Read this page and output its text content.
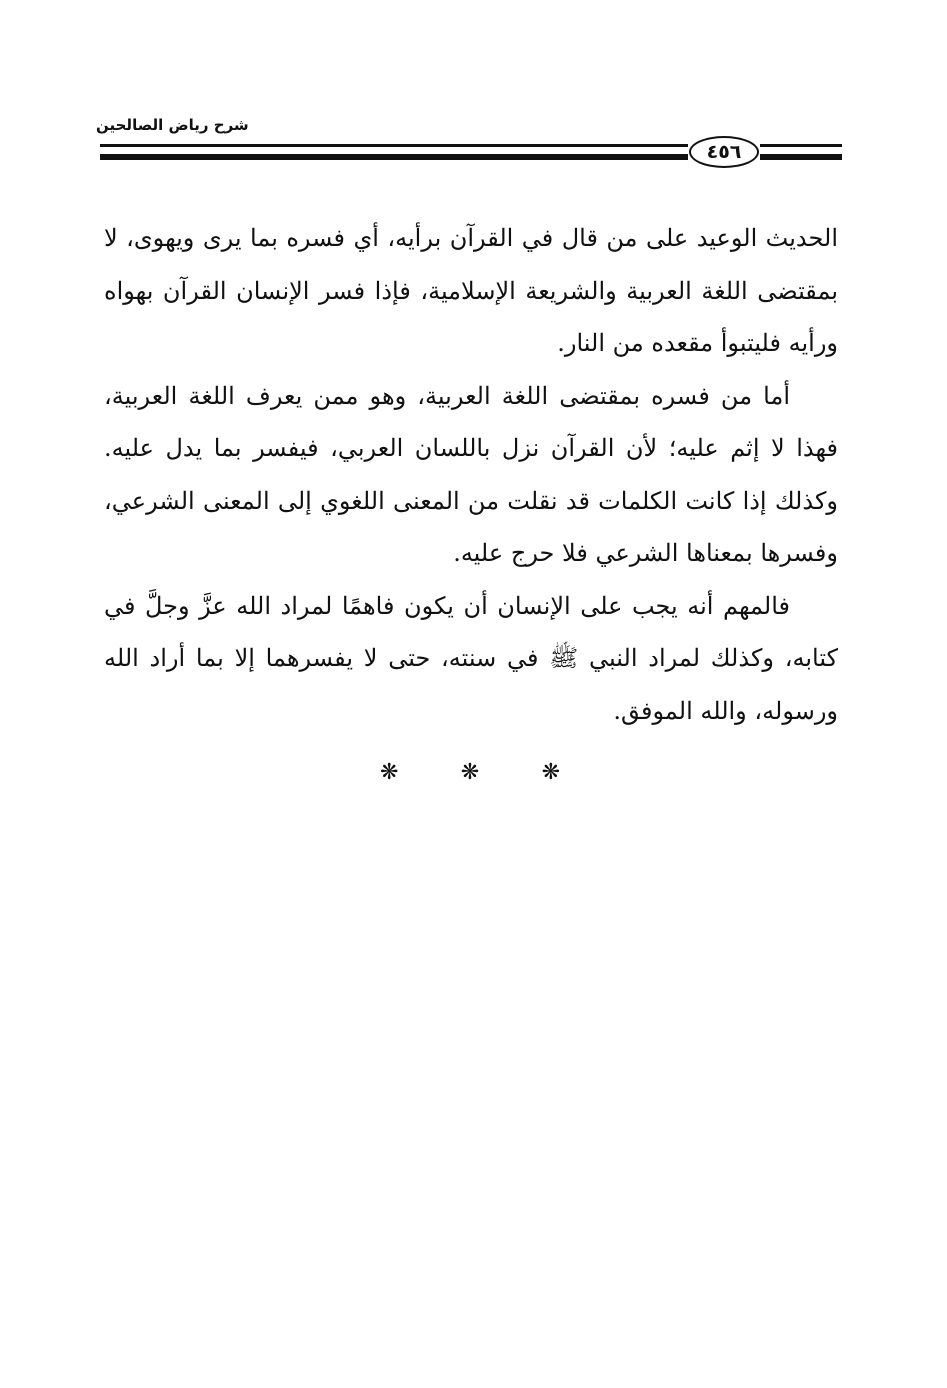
شرح رياض الصالحين
٤٥٦

الحديث الوعيد على من قال في القرآن برأيه، أي فسره بما يرى ويهوى، لا بمقتضى اللغة العربية والشريعة الإسلامية، فإذا فسر الإنسان القرآن بهواه ورأيه فليتبوأ مقعده من النار.

أما من فسره بمقتضى اللغة العربية، وهو ممن يعرف اللغة العربية، فهذا لا إثم عليه؛ لأن القرآن نزل باللسان العربي، فيفسر بما يدل عليه. وكذلك إذا كانت الكلمات قد نقلت من المعنى اللغوي إلى المعنى الشرعي، وفسرها بمعناها الشرعي فلا حرج عليه.

فالمهم أنه يجب على الإنسان أن يكون فاهمًا لمراد الله عزَّ وجلَّ في كتابه، وكذلك لمراد النبي ﷺ في سنته، حتى لا يفسرهما إلا بما أراد الله ورسوله، والله الموفق.

❋	❋	❋
